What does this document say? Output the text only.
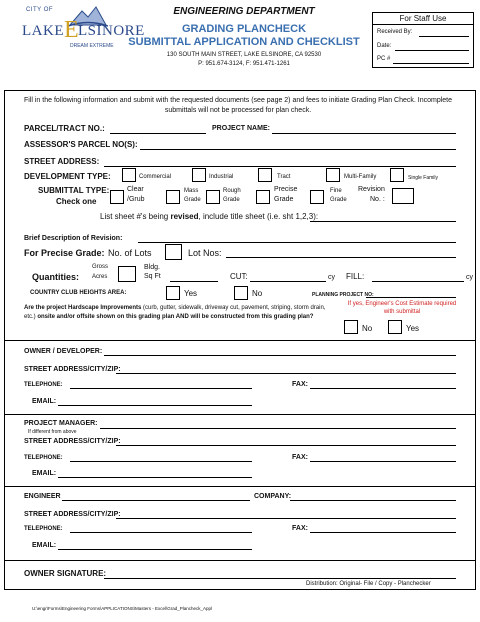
CITY OF
LAKE E LSINORE
DREAM EXTREME
ENGINEERING DEPARTMENT
GRADING PLANCHECK
SUBMITTAL APPLICATION AND CHECKLIST
130 SOUTH MAIN STREET, LAKE ELSINORE, CA 92530
P: 951.674-3124, F: 951.471-1261
For Staff Use
Received By:
Date:
PC #
Fill in the following information and submit with the requested documents (see page 2) and fees to initiate Grading Plan Check. Incomplete submittals will not be processed for plan check.
PARCEL/TRACT NO.:	PROJECT NAME:
ASSESSOR'S PARCEL NO(S):
STREET ADDRESS:
DEVELOPMENT TYPE:	Commercial	Industrial	Tract	Multi-Family	Single Family
SUBMITTAL TYPE:
Check one
Clear
/Grub
Mass
Grade
Rough
Grade
Precise
Grade
Fine
Grade
Revision
No. :
List sheet #'s being revised, include title sheet (i.e. sht 1,2,3):
Brief Description of Revision:
For Precise Grade: No. of Lots	Lot Nos:
Gross
Acres
Bldg.
Sq Ft
Quantities:	CUT:	cy FILL:	cy
COUNTRY CLUB HEIGHTS AREA:	Yes	No	PLANNING PROJECT NO:
Are the project Hardscape Improvements (curb, gutter, sidewalk, driveway cut, pavement, striping, storm drain, etc.) onsite and/or offsite shown on this grading plan AND will be constructed from this grading plan?
If yes, Engineer's Cost Estimate required with submittal
No	Yes
OWNER / DEVELOPER:
STREET ADDRESS/CITY/ZIP:
TELEPHONE:	FAX:
EMAIL:
PROJECT MANAGER:
If different from above
STREET ADDRESS/CITY/ZIP:
TELEPHONE:	FAX:
EMAIL:
ENGINEER	COMPANY:
STREET ADDRESS/CITY/ZIP:
TELEPHONE:	FAX:
EMAIL:
OWNER SIGNATURE:
Distribution: Original- File / Copy - Planchecker
U:\engr\Forms\Engineering Forms\APPLICATIONS\Masters - Excel\Grad_Plancheck_Appl
